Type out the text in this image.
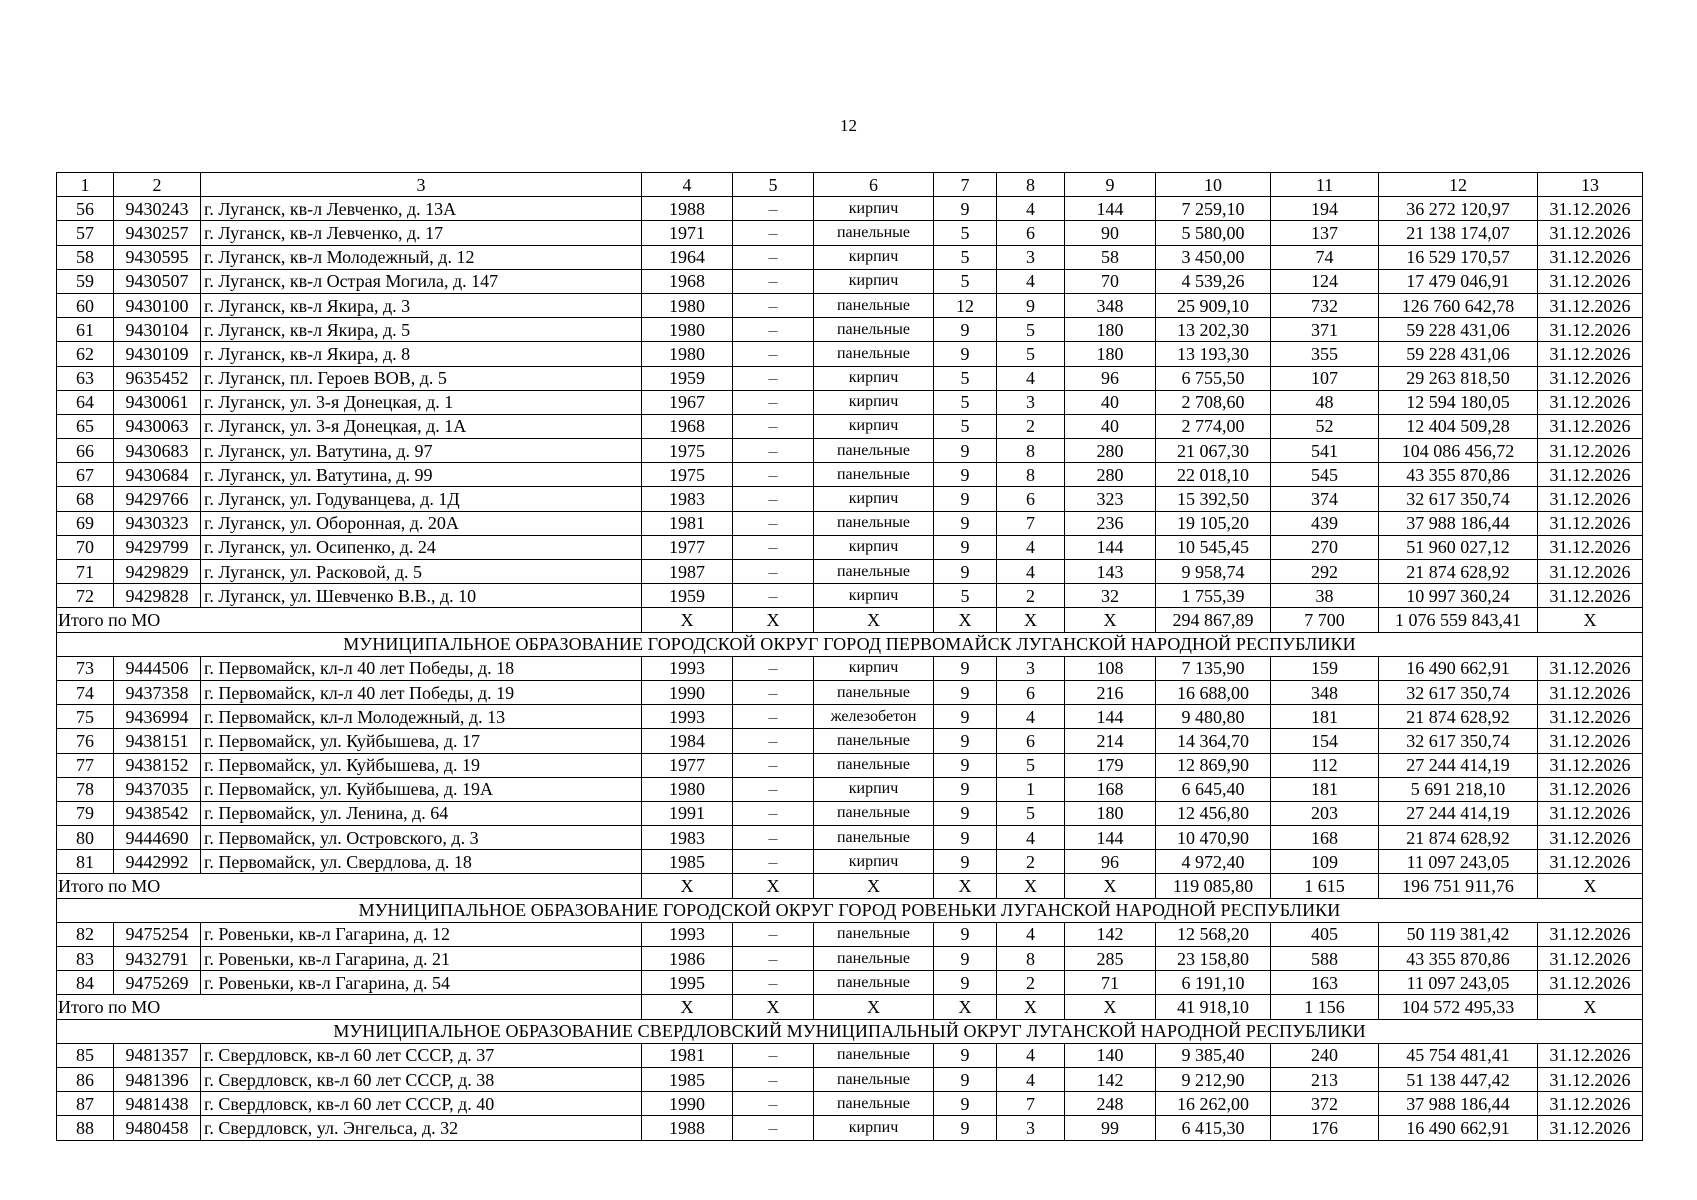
12
1	2	3	4	5	6	7	8	9	10	11	12	13
56	9430243	г. Луганск, кв-л Левченко, д. 13А	1988	–	кирпич	9	4	144	7 259,10	194	36 272 120,97	31.12.2026
57	9430257	г. Луганск, кв-л Левченко, д. 17	1971	–	панельные	5	6	90	5 580,00	137	21 138 174,07	31.12.2026
58	9430595	г. Луганск, кв-л Молодежный, д. 12	1964	–	кирпич	5	3	58	3 450,00	74	16 529 170,57	31.12.2026
59	9430507	г. Луганск, кв-л Острая Могила, д. 147	1968	–	кирпич	5	4	70	4 539,26	124	17 479 046,91	31.12.2026
60	9430100	г. Луганск, кв-л Якира, д. 3	1980	–	панельные	12	9	348	25 909,10	732	126 760 642,78	31.12.2026
61	9430104	г. Луганск, кв-л Якира, д. 5	1980	–	панельные	9	5	180	13 202,30	371	59 228 431,06	31.12.2026
62	9430109	г. Луганск, кв-л Якира, д. 8	1980	–	панельные	9	5	180	13 193,30	355	59 228 431,06	31.12.2026
63	9635452	г. Луганск, пл. Героев ВОВ, д. 5	1959	–	кирпич	5	4	96	6 755,50	107	29 263 818,50	31.12.2026
64	9430061	г. Луганск, ул. 3-я Донецкая, д. 1	1967	–	кирпич	5	3	40	2 708,60	48	12 594 180,05	31.12.2026
65	9430063	г. Луганск, ул. 3-я Донецкая, д. 1А	1968	–	кирпич	5	2	40	2 774,00	52	12 404 509,28	31.12.2026
66	9430683	г. Луганск, ул. Ватутина, д. 97	1975	–	панельные	9	8	280	21 067,30	541	104 086 456,72	31.12.2026
67	9430684	г. Луганск, ул. Ватутина, д. 99	1975	–	панельные	9	8	280	22 018,10	545	43 355 870,86	31.12.2026
68	9429766	г. Луганск, ул. Годуванцева, д. 1Д	1983	–	кирпич	9	6	323	15 392,50	374	32 617 350,74	31.12.2026
69	9430323	г. Луганск, ул. Оборонная, д. 20А	1981	–	панельные	9	7	236	19 105,20	439	37 988 186,44	31.12.2026
70	9429799	г. Луганск, ул. Осипенко, д. 24	1977	–	кирпич	9	4	144	10 545,45	270	51 960 027,12	31.12.2026
71	9429829	г. Луганск, ул. Расковой, д. 5	1987	–	панельные	9	4	143	9 958,74	292	21 874 628,92	31.12.2026
72	9429828	г. Луганск, ул. Шевченко В.В., д. 10	1959	–	кирпич	5	2	32	1 755,39	38	10 997 360,24	31.12.2026
Итого по МО			X	X	X	X	X	X	294 867,89	7 700	1 076 559 843,41	X
МУНИЦИПАЛЬНОЕ ОБРАЗОВАНИЕ ГОРОДСКОЙ ОКРУГ ГОРОД ПЕРВОМАЙСК ЛУГАНСКОЙ НАРОДНОЙ РЕСПУБЛИКИ												
73	9444506	г. Первомайск, кл-л 40 лет Победы, д. 18	1993	–	кирпич	9	3	108	7 135,90	159	16 490 662,91	31.12.2026
74	9437358	г. Первомайск, кл-л 40 лет Победы, д. 19	1990	–	панельные	9	6	216	16 688,00	348	32 617 350,74	31.12.2026
75	9436994	г. Первомайск, кл-л Молодежный, д. 13	1993	–	железобетон	9	4	144	9 480,80	181	21 874 628,92	31.12.2026
76	9438151	г. Первомайск, ул. Куйбышева, д. 17	1984	–	панельные	9	6	214	14 364,70	154	32 617 350,74	31.12.2026
77	9438152	г. Первомайск, ул. Куйбышева, д. 19	1977	–	панельные	9	5	179	12 869,90	112	27 244 414,19	31.12.2026
78	9437035	г. Первомайск, ул. Куйбышева, д. 19А	1980	–	кирпич	9	1	168	6 645,40	181	5 691 218,10	31.12.2026
79	9438542	г. Первомайск, ул. Ленина, д. 64	1991	–	панельные	9	5	180	12 456,80	203	27 244 414,19	31.12.2026
80	9444690	г. Первомайск, ул. Островского, д. 3	1983	–	панельные	9	4	144	10 470,90	168	21 874 628,92	31.12.2026
81	9442992	г. Первомайск, ул. Свердлова, д. 18	1985	–	кирпич	9	2	96	4 972,40	109	11 097 243,05	31.12.2026
Итого по МО			X	X	X	X	X	X	119 085,80	1 615	196 751 911,76	X
МУНИЦИПАЛЬНОЕ ОБРАЗОВАНИЕ ГОРОДСКОЙ ОКРУГ ГОРОД РОВЕНЬКИ ЛУГАНСКОЙ НАРОДНОЙ РЕСПУБЛИКИ												
82	9475254	г. Ровеньки, кв-л Гагарина, д. 12	1993	–	панельные	9	4	142	12 568,20	405	50 119 381,42	31.12.2026
83	9432791	г. Ровеньки, кв-л Гагарина, д. 21	1986	–	панельные	9	8	285	23 158,80	588	43 355 870,86	31.12.2026
84	9475269	г. Ровеньки, кв-л Гагарина, д. 54	1995	–	панельные	9	2	71	6 191,10	163	11 097 243,05	31.12.2026
Итого по МО			X	X	X	X	X	X	41 918,10	1 156	104 572 495,33	X
МУНИЦИПАЛЬНОЕ ОБРАЗОВАНИЕ СВЕРДЛОВСКИЙ МУНИЦИПАЛЬНЫЙ ОКРУГ ЛУГАНСКОЙ НАРОДНОЙ РЕСПУБЛИКИ												
85	9481357	г. Свердловск, кв-л 60 лет СССР, д. 37	1981	–	панельные	9	4	140	9 385,40	240	45 754 481,41	31.12.2026
86	9481396	г. Свердловск, кв-л 60 лет СССР, д. 38	1985	–	панельные	9	4	142	9 212,90	213	51 138 447,42	31.12.2026
87	9481438	г. Свердловск, кв-л 60 лет СССР, д. 40	1990	–	панельные	9	7	248	16 262,00	372	37 988 186,44	31.12.2026
88	9480458	г. Свердловск, ул. Энгельса, д. 32	1988	–	кирпич	9	3	99	6 415,30	176	16 490 662,91	31.12.2026
